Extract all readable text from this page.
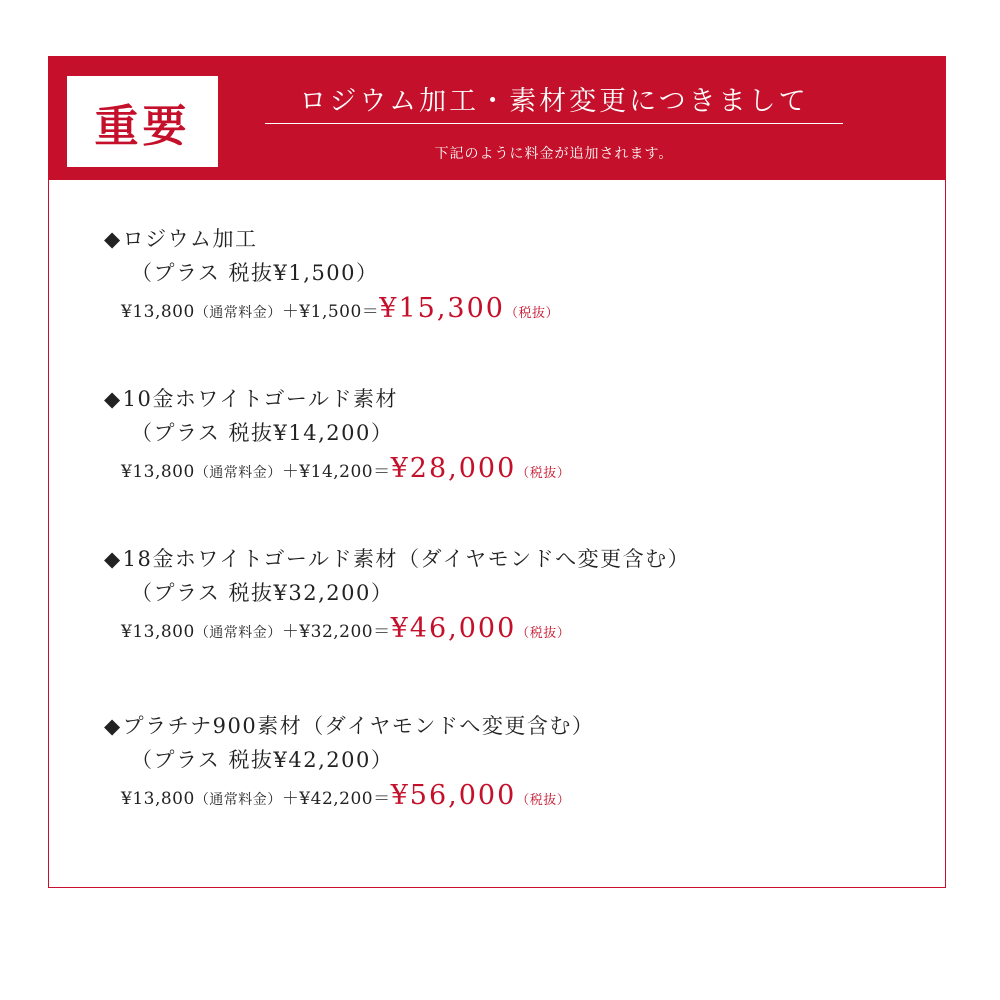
重要	ロジウム加工・素材変更につきまして
下記のように料金が追加されます。
◆ロジウム加工
（プラス 税抜¥1,500）
¥13,800（通常料金）＋¥1,500＝¥15,300（税抜）
◆10金ホワイトゴールド素材
（プラス 税抜¥14,200）
¥13,800（通常料金）＋¥14,200＝¥28,000（税抜）
◆18金ホワイトゴールド素材（ダイヤモンドへ変更含む）
（プラス 税抜¥32,200）
¥13,800（通常料金）＋¥32,200＝¥46,000（税抜）
◆プラチナ900素材（ダイヤモンドへ変更含む）
（プラス 税抜¥42,200）
¥13,800（通常料金）＋¥42,200＝¥56,000（税抜）
